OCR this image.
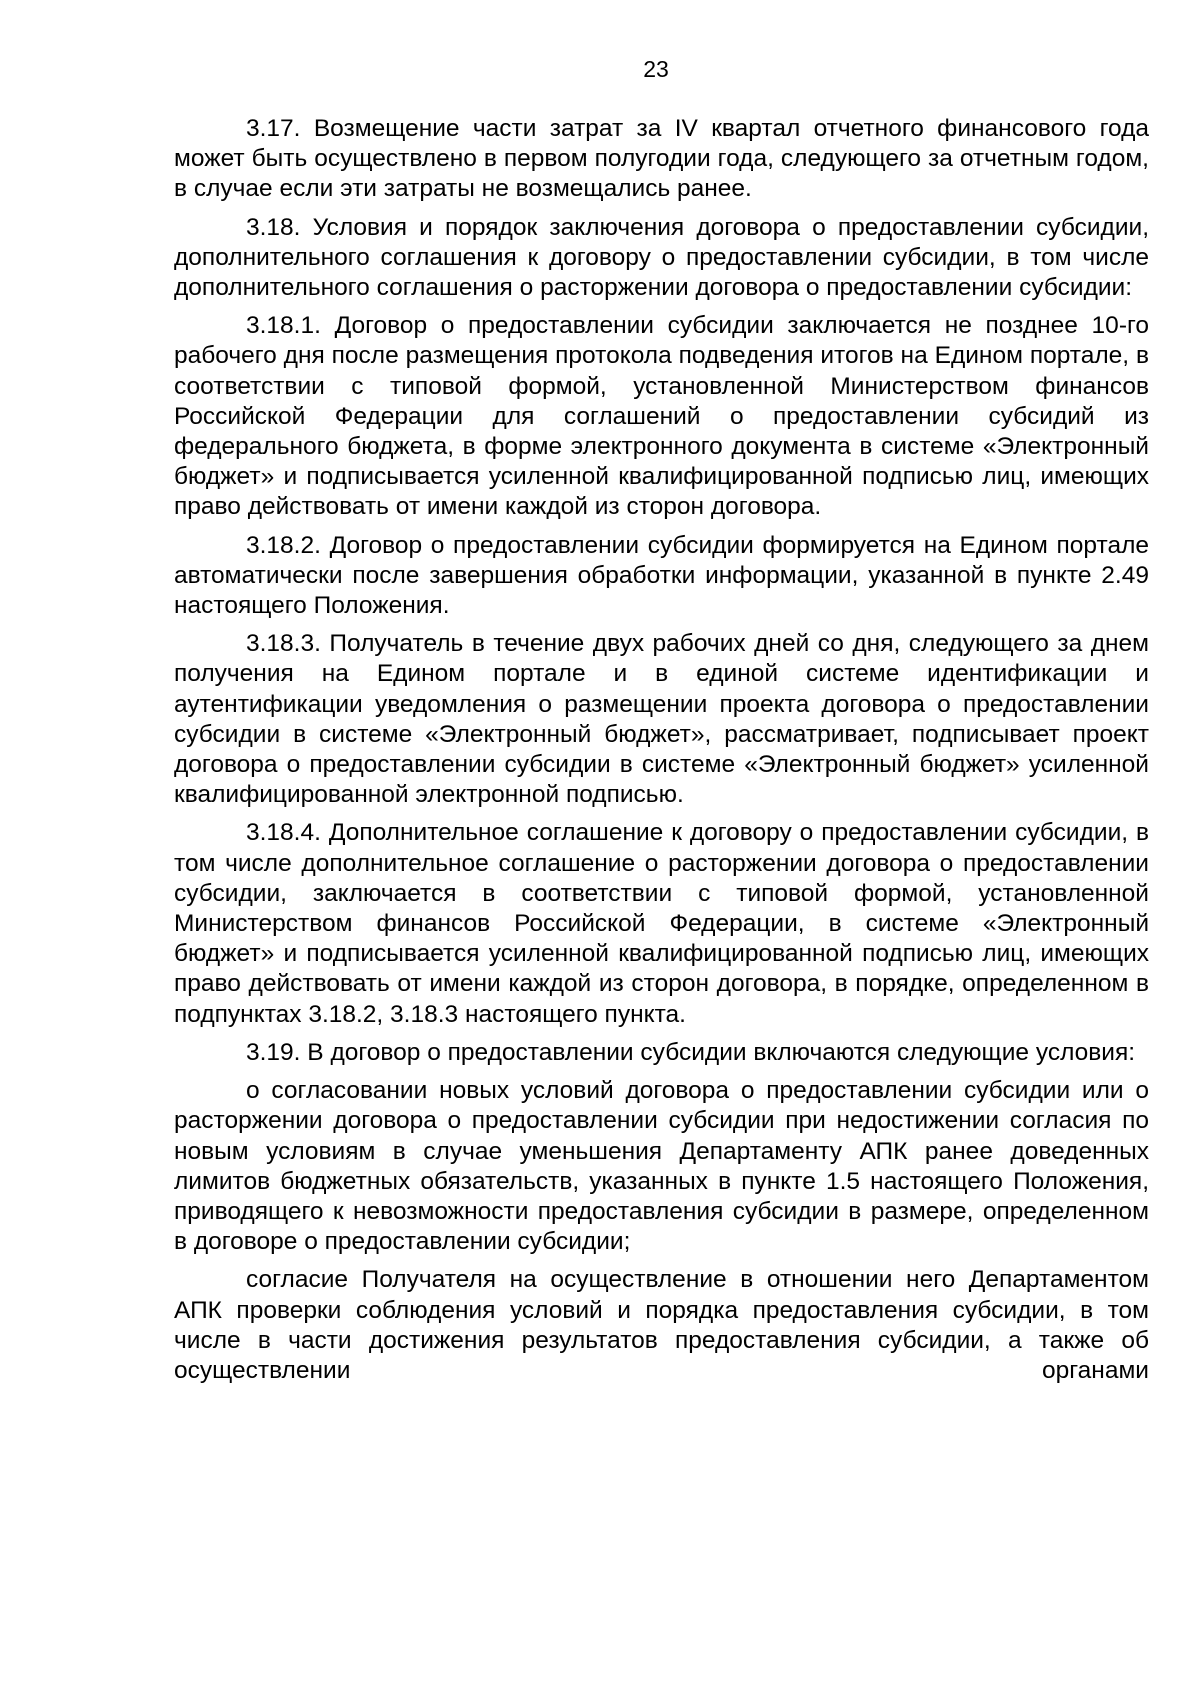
23

3.17. Возмещение части затрат за IV квартал отчетного финансового года может быть осуществлено в первом полугодии года, следующего за отчетным годом, в случае если эти затраты не возмещались ранее.

3.18. Условия и порядок заключения договора о предоставлении субсидии, дополнительного соглашения к договору о предоставлении субсидии, в том числе дополнительного соглашения о расторжении договора о предоставлении субсидии:

3.18.1. Договор о предоставлении субсидии заключается не позднее 10-го рабочего дня после размещения протокола подведения итогов на Едином портале, в соответствии с типовой формой, установленной Министерством финансов Российской Федерации для соглашений о предоставлении субсидий из федерального бюджета, в форме электронного документа в системе «Электронный бюджет» и подписывается усиленной квалифицированной подписью лиц, имеющих право действовать от имени каждой из сторон договора.

3.18.2. Договор о предоставлении субсидии формируется на Едином портале автоматически после завершения обработки информации, указанной в пункте 2.49 настоящего Положения.

3.18.3. Получатель в течение двух рабочих дней со дня, следующего за днем получения на Едином портале и в единой системе идентификации и аутентификации уведомления о размещении проекта договора о предоставлении субсидии в системе «Электронный бюджет», рассматривает, подписывает проект договора о предоставлении субсидии в системе «Электронный бюджет» усиленной квалифицированной электронной подписью.

3.18.4. Дополнительное соглашение к договору о предоставлении субсидии, в том числе дополнительное соглашение о расторжении договора о предоставлении субсидии, заключается в соответствии с типовой формой, установленной Министерством финансов Российской Федерации, в системе «Электронный бюджет» и подписывается усиленной квалифицированной подписью лиц, имеющих право действовать от имени каждой из сторон договора, в порядке, определенном в подпунктах 3.18.2, 3.18.3 настоящего пункта.

3.19. В договор о предоставлении субсидии включаются следующие условия:

о согласовании новых условий договора о предоставлении субсидии или о расторжении договора о предоставлении субсидии при недостижении согласия по новым условиям в случае уменьшения Департаменту АПК ранее доведенных лимитов бюджетных обязательств, указанных в пункте 1.5 настоящего Положения, приводящего к невозможности предоставления субсидии в размере, определенном в договоре о предоставлении субсидии;

согласие Получателя на осуществление в отношении него Департаментом АПК проверки соблюдения условий и порядка предоставления субсидии, в том числе в части достижения результатов предоставления субсидии, а также об осуществлении органами
